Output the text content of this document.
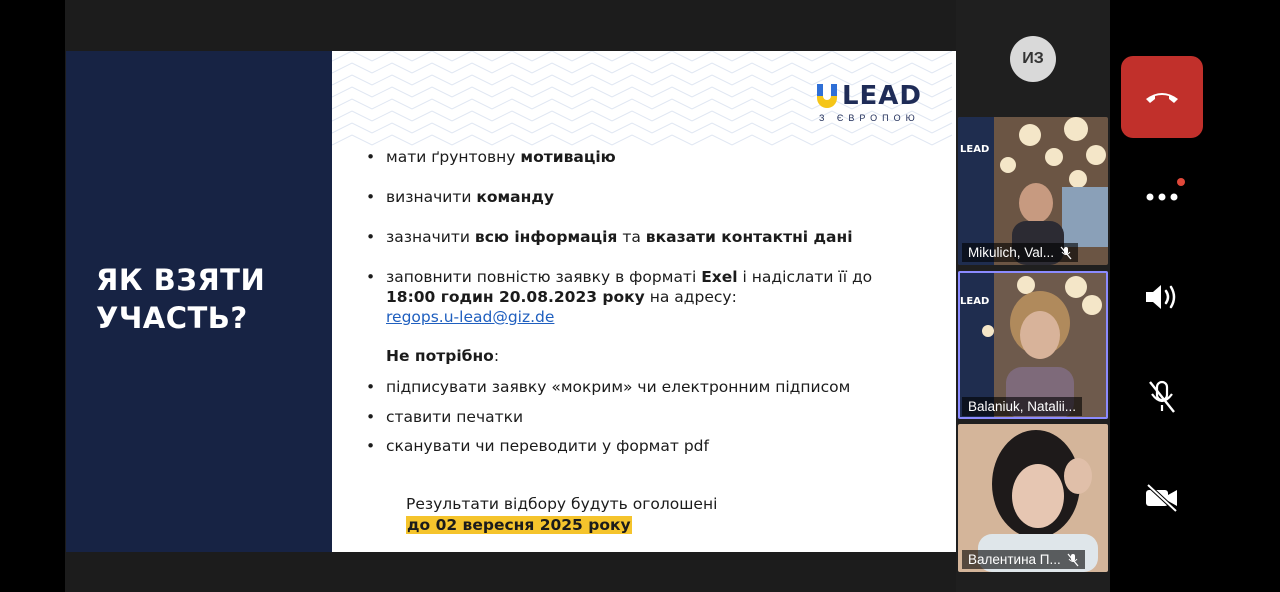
ЯК ВЗЯТИ
УЧАСТЬ?
LEAD
З ЄВРОПОЮ
• мати ґрунтовну мотивацію
• визначити команду
• зазначити всю інформація та вказати контактні дані
• заповнити повністю заявку в форматі Exel і надіслати її до
18:00 годин 20.08.2023 року на адресу:
regops.u-lead@giz.de
Не потрібно:
• підписувати заявку «мокрим» чи електронним підписом
• ставити печатки
• сканувати чи переводити у формат pdf
Результати відбору будуть оголошені
до 02 вересня 2025 року
ИЗ
LEAD
Mikulich, Val...
LEAD
Balaniuk, Natalii...
Валентина П...
